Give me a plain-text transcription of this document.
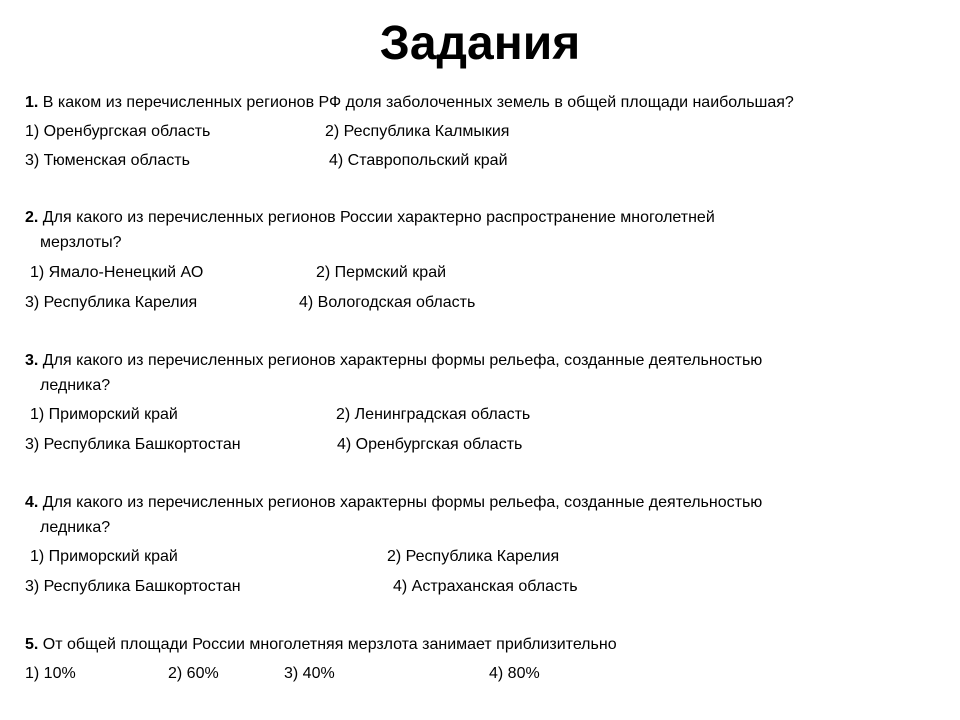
Задания
1. В каком из перечисленных регионов РФ доля заболоченных земель в общей площади наибольшая?
1) Оренбургская область	2) Республика Калмыкия
3) Тюменская область	4) Ставропольский край
2. Для какого из перечисленных регионов России характерно распространение многолетней
мерзлоты?
1) Ямало-Ненецкий АО	2) Пермский край
3) Республика Карелия	4) Вологодская область
3. Для какого из перечисленных регионов характерны формы рельефа, созданные деятельностью
ледника?
1) Приморский край	2) Ленинградская область
3) Республика Башкортостан	4) Оренбургская область
4. Для какого из перечисленных регионов характерны формы рельефа, созданные деятельностью
ледника?
1) Приморский край	2) Республика Карелия
3) Республика Башкортостан	4) Астраханская область
5. От общей площади России многолетняя мерзлота занимает приблизительно
1) 10%	2) 60%	3) 40%	4) 80%
